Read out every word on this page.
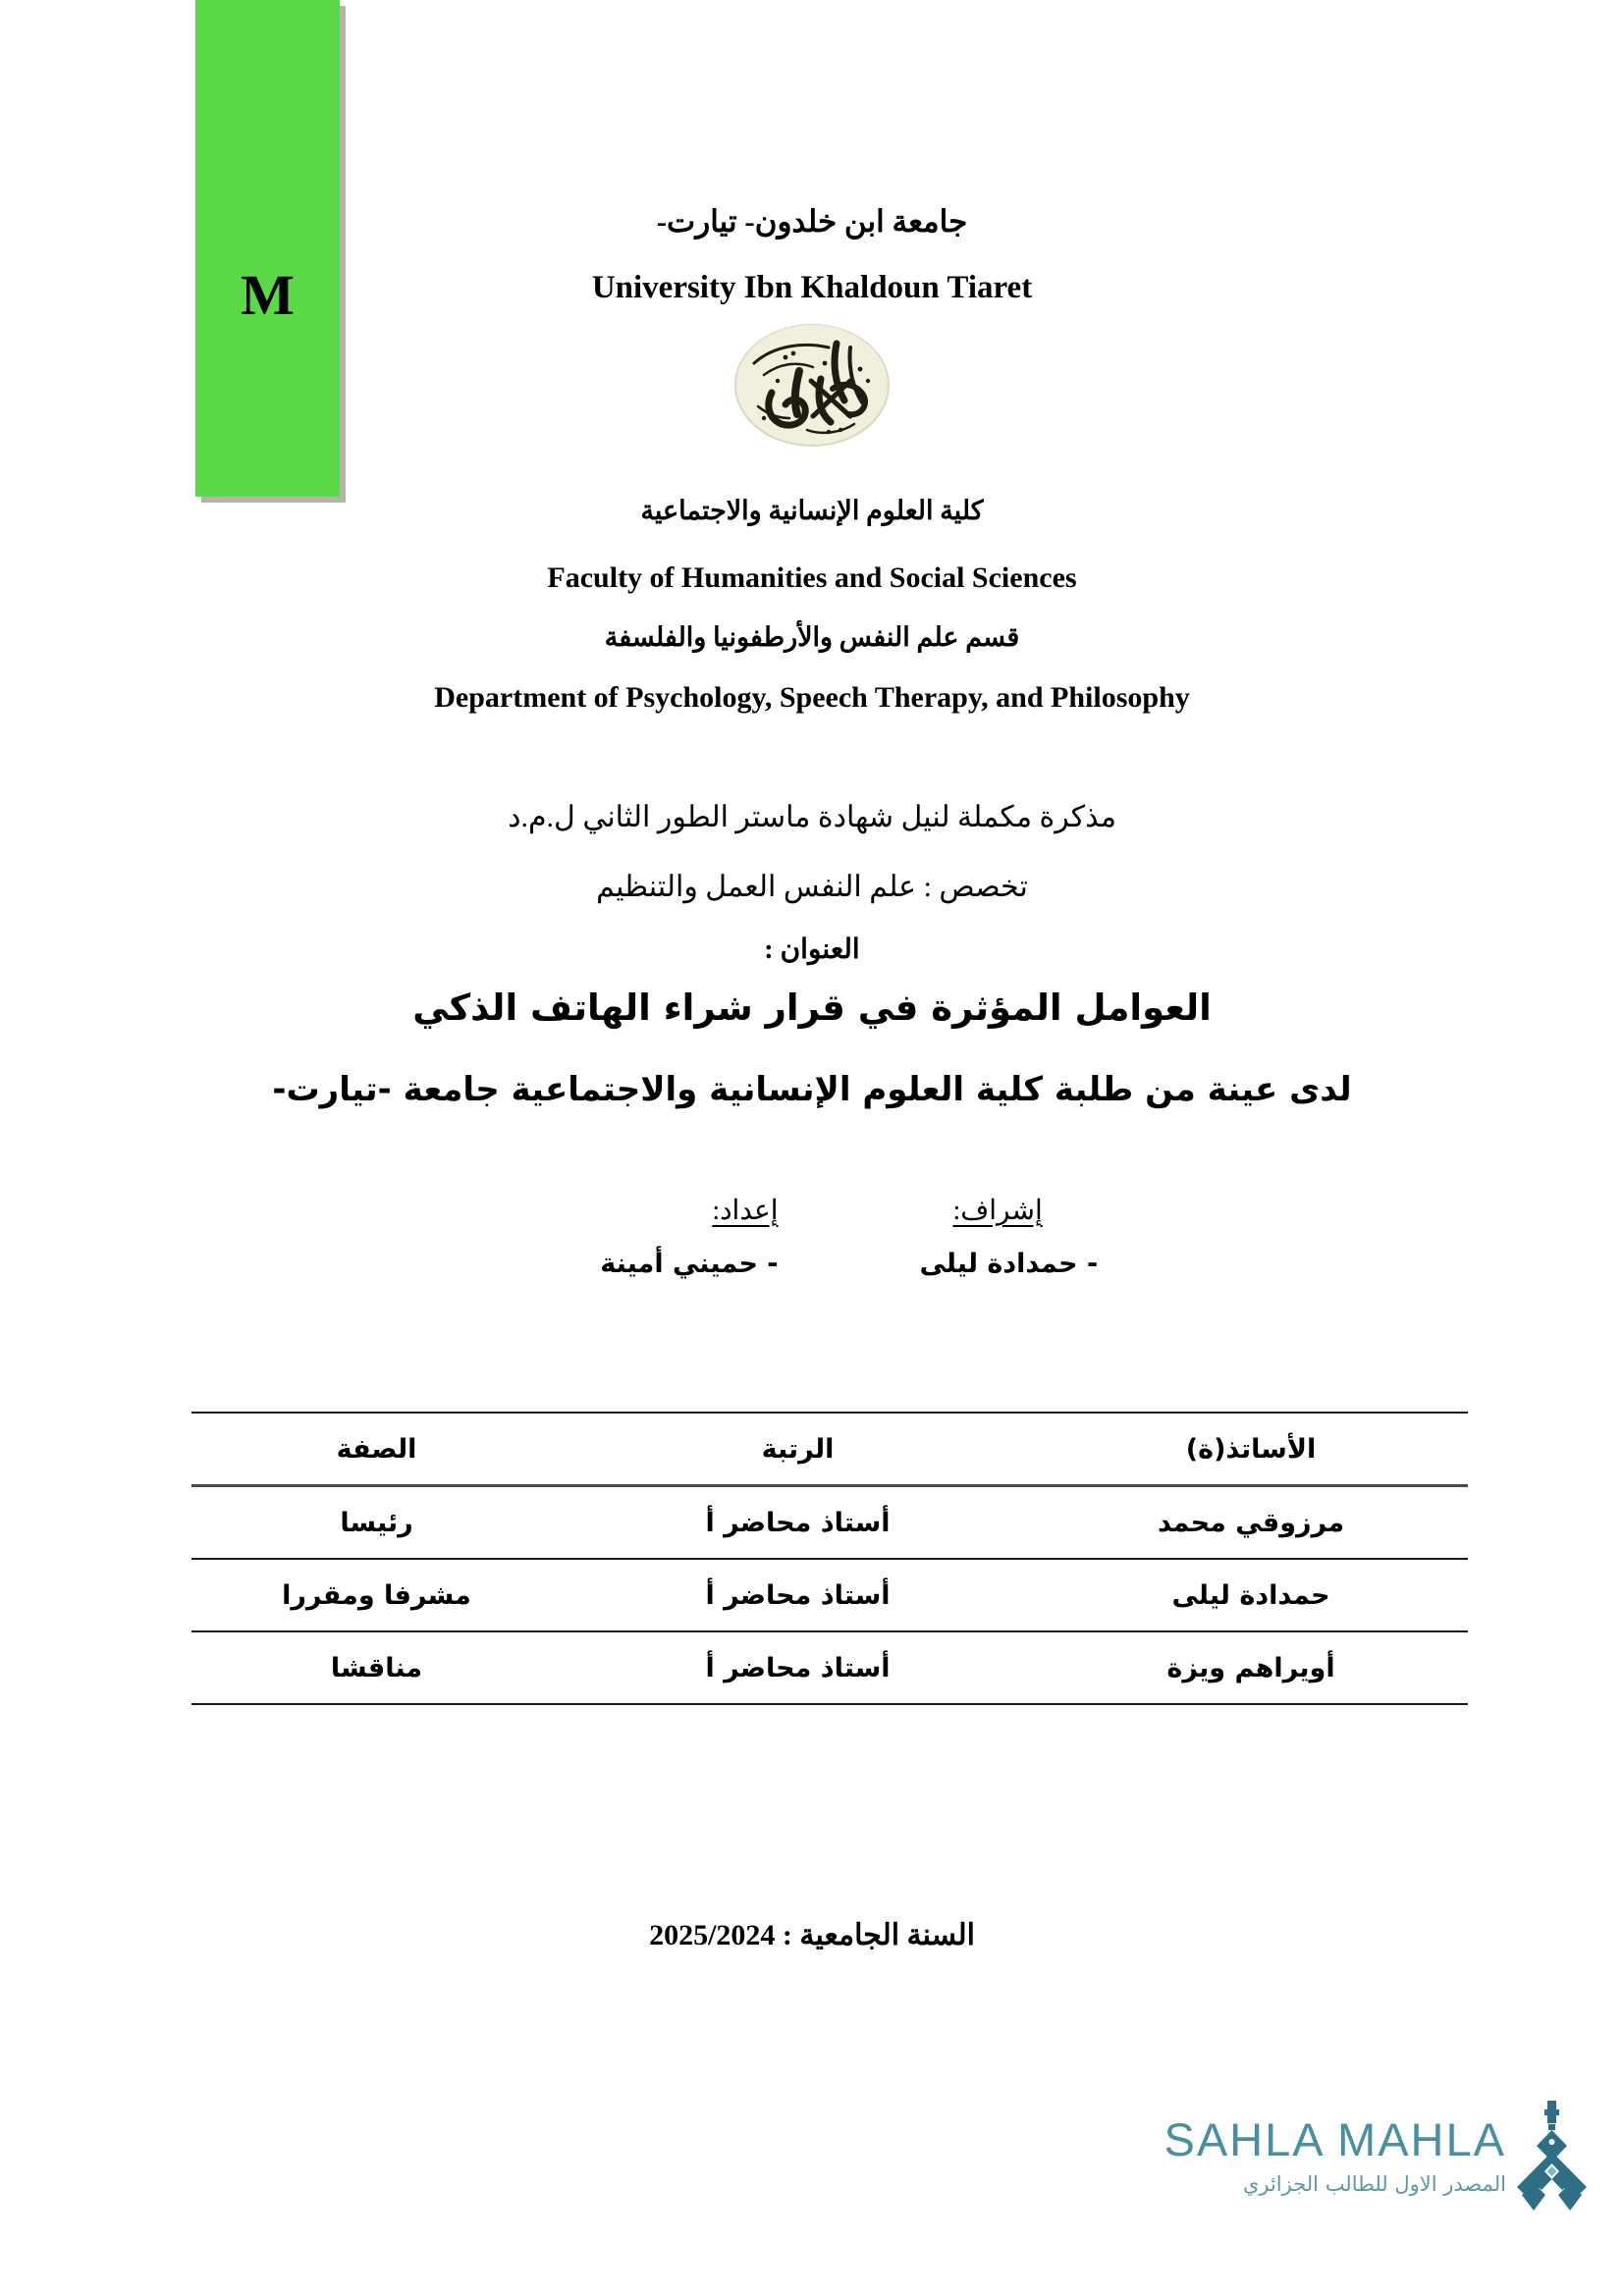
M
جامعة ابن خلدون- تيارت-
University Ibn Khaldoun Tiaret
كلية العلوم الإنسانية والاجتماعية
Faculty of Humanities and Social Sciences
قسم علم النفس والأرطفونيا والفلسفة
Department of Psychology, Speech Therapy, and Philosophy
مذكرة مكملة لنيل شهادة ماستر الطور الثاني ل.م.د
تخصص : علم النفس العمل والتنظيم
العنوان :
العوامل المؤثرة في قرار شراء الهاتف الذكي
لدى عينة من طلبة كلية العلوم الإنسانية والاجتماعية جامعة -تيارت-
إعداد:
- حميني أمينة
إشراف:
- حمدادة ليلى
الأساتذ(ة)	الرتبة	الصفة
مرزوقي محمد	أستاذ محاضر أ	رئيسا
حمدادة ليلى	أستاذ محاضر أ	مشرفا ومقررا
أويراهم ويزة	أستاذ محاضر أ	مناقشا
السنة الجامعية : 2025/2024
SAHLA MAHLA
المصدر الاول للطالب الجزائري
